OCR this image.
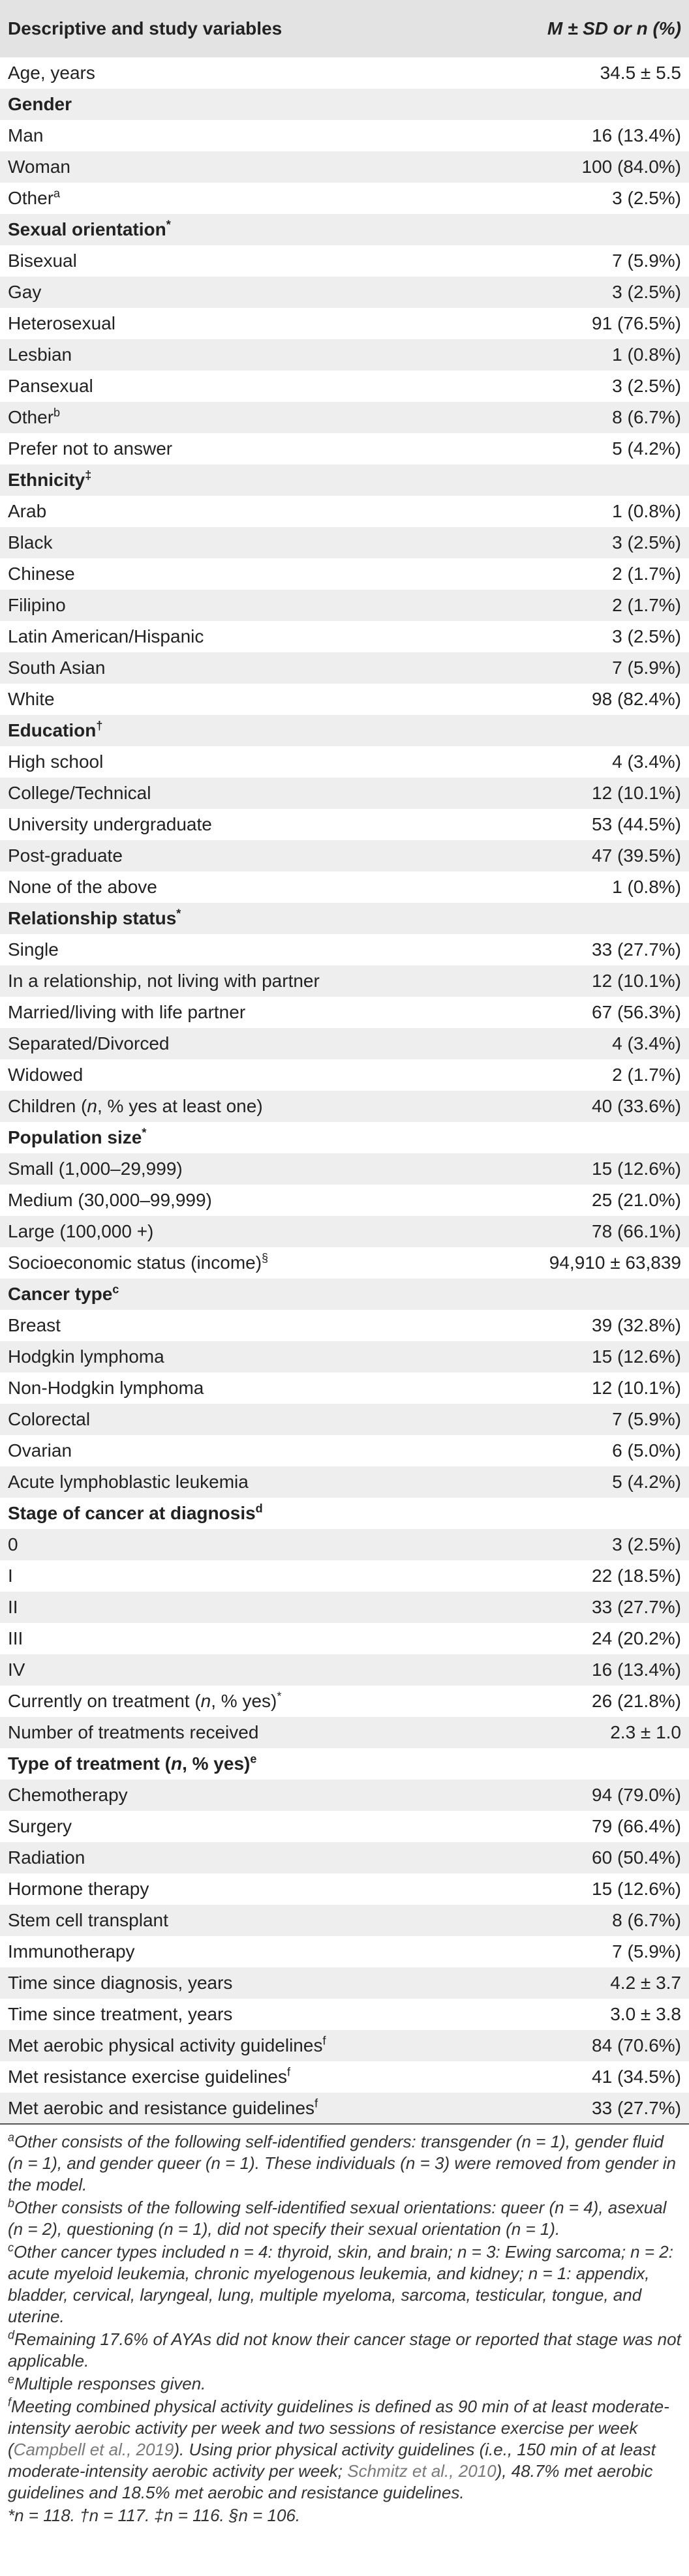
Descriptive and study variables	M ± SD or n (%)
Age, years	34.5 ± 5.5
Gender	
Man	16 (13.4%)
Woman	100 (84.0%)
Other$^a$	3 (2.5%)
Sexual orientation*	
Bisexual	7 (5.9%)
Gay	3 (2.5%)
Heterosexual	91 (76.5%)
Lesbian	1 (0.8%)
Pansexual	3 (2.5%)
Other$^b$	8 (6.7%)
Prefer not to answer	5 (4.2%)
Ethnicity‡	
Arab	1 (0.8%)
Black	3 (2.5%)
Chinese	2 (1.7%)
Filipino	2 (1.7%)
Latin American/Hispanic	3 (2.5%)
South Asian	7 (5.9%)
White	98 (82.4%)
Education†	
High school	4 (3.4%)
College/Technical	12 (10.1%)
University undergraduate	53 (44.5%)
Post-graduate	47 (39.5%)
None of the above	1 (0.8%)
Relationship status*	
Single	33 (27.7%)
In a relationship, not living with partner	12 (10.1%)
Married/living with life partner	67 (56.3%)
Separated/Divorced	4 (3.4%)
Widowed	2 (1.7%)
Children (n, % yes at least one)	40 (33.6%)
Population size*	
Small (1,000–29,999)	15 (12.6%)
Medium (30,000–99,999)	25 (21.0%)
Large (100,000 +)	78 (66.1%)
Socioeconomic status (income)§	94,910 ± 63,839
Cancer type$^c$	
Breast	39 (32.8%)
Hodgkin lymphoma	15 (12.6%)
Non-Hodgkin lymphoma	12 (10.1%)
Colorectal	7 (5.9%)
Ovarian	6 (5.0%)
Acute lymphoblastic leukemia	5 (4.2%)
Stage of cancer at diagnosis$^d$	
0	3 (2.5%)
I	22 (18.5%)
II	33 (27.7%)
III	24 (20.2%)
IV	16 (13.4%)
Currently on treatment (n, % yes)*	26 (21.8%)
Number of treatments received	2.3 ± 1.0
Type of treatment (n, % yes)$^e$	
Chemotherapy	94 (79.0%)
Surgery	79 (66.4%)
Radiation	60 (50.4%)
Hormone therapy	15 (12.6%)
Stem cell transplant	8 (6.7%)
Immunotherapy	7 (5.9%)
Time since diagnosis, years	4.2 ± 3.7
Time since treatment, years	3.0 ± 3.8
Met aerobic physical activity guidelines$^f$	84 (70.6%)
Met resistance exercise guidelines$^f$	41 (34.5%)
Met aerobic and resistance guidelines$^f$	33 (27.7%)

$^a$Other consists of the following self-identified genders: transgender (n = 1), gender fluid (n = 1), and gender queer (n = 1). These individuals (n = 3) were removed from gender in the model.

$^b$Other consists of the following self-identified sexual orientations: queer (n = 4), asexual (n = 2), questioning (n = 1), did not specify their sexual orientation (n = 1).

$^c$Other cancer types included n = 4: thyroid, skin, and brain; n = 3: Ewing sarcoma; n = 2: acute myeloid leukemia, chronic myelogenous leukemia, and kidney; n = 1: appendix, bladder, cervical, laryngeal, lung, multiple myeloma, sarcoma, testicular, tongue, and uterine.

$^d$Remaining 17.6% of AYAs did not know their cancer stage or reported that stage was not applicable.

$^e$Multiple responses given.

$^f$Meeting combined physical activity guidelines is defined as 90 min of at least moderate-intensity aerobic activity per week and two sessions of resistance exercise per week (Campbell et al., 2019). Using prior physical activity guidelines (i.e., 150 min of at least moderate-intensity aerobic activity per week; Schmitz et al., 2010), 48.7% met aerobic guidelines and 18.5% met aerobic and resistance guidelines.

*n = 118. †n = 117. ‡n = 116. §n = 106.
